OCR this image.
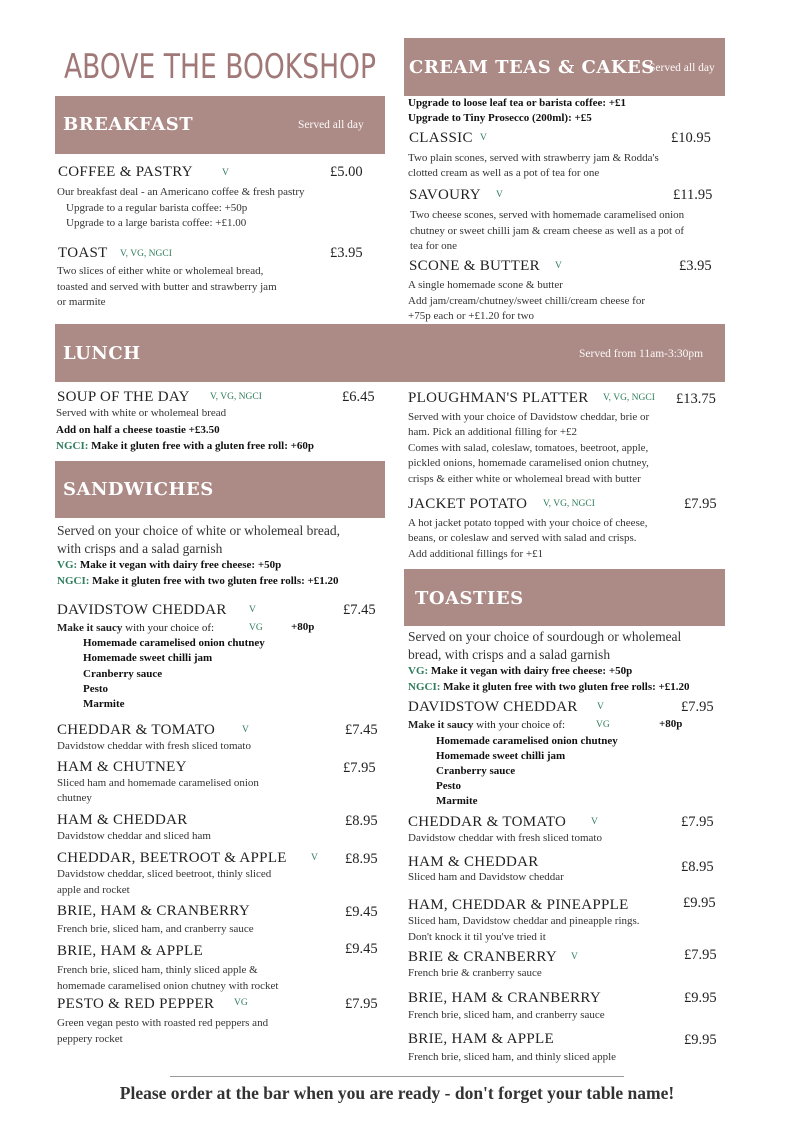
ABOVE THE BOOKSHOP
BREAKFAST	Served all day
COFFEE & PASTRY	V	£5.00
Our breakfast deal - an Americano coffee & fresh pastry
Upgrade to a regular barista coffee: +50p
Upgrade to a large barista coffee: +£1.00
TOAST V, VG, NGCI	£3.95
Two slices of either white or wholemeal bread,
toasted and served with butter and strawberry jam
or marmite
CREAM TEAS & CAKES
Served all day
Upgrade to loose leaf tea or barista coffee: +£1
Upgrade to Tiny Prosecco (200ml): +£5
CLASSIC V	£10.95
Two plain scones, served with strawberry jam & Rodda's
clotted cream as well as a pot of tea for one
SAVOURY V	£11.95
Two cheese scones, served with homemade caramelised onion
chutney or sweet chilli jam & cream cheese as well as a pot of
tea for one
SCONE & BUTTER V	£3.95
A single homemade scone & butter
Add jam/cream/chutney/sweet chilli/cream cheese for
+75p each or +£1.20 for two
LUNCH	Served from 11am-3:30pm
SOUP OF THE DAY V, VG, NGCI	£6.45
Served with white or wholemeal bread
Add on half a cheese toastie +£3.50
NGCI: Make it gluten free with a gluten free roll: +60p
PLOUGHMAN'S PLATTER V, VG, NGCI £13.75
Served with your choice of Davidstow cheddar, brie or
ham. Pick an additional filling for +£2
Comes with salad, coleslaw, tomatoes, beetroot, apple,
pickled onions, homemade caramelised onion chutney,
crisps & either white or wholemeal bread with butter
JACKET POTATO V, VG, NGCI	£7.95
A hot jacket potato topped with your choice of cheese,
beans, or coleslaw and served with salad and crisps.
Add additional fillings for +£1
SANDWICHES
Served on your choice of white or wholemeal bread,
with crisps and a salad garnish
VG: Make it vegan with dairy free cheese: +50p
NGCI: Make it gluten free with two gluten free rolls: +£1.20
DAVIDSTOW CHEDDAR V	£7.45
Make it saucy with your choice of:	VG	+80p
Homemade caramelised onion chutney
Homemade sweet chilli jam
Cranberry sauce
Pesto
Marmite
CHEDDAR & TOMATO	V	£7.45
Davidstow cheddar with fresh sliced tomato
HAM & CHUTNEY	£7.95
Sliced ham and homemade caramelised onion
chutney
HAM & CHEDDAR	£8.95
Davidstow cheddar and sliced ham
CHEDDAR, BEETROOT & APPLE	V £8.95
Davidstow cheddar, sliced beetroot, thinly sliced
apple and rocket
BRIE, HAM & CRANBERRY	£9.45
French brie, sliced ham, and cranberry sauce
BRIE, HAM & APPLE	£9.45
French brie, sliced ham, thinly sliced apple &
homemade caramelised onion chutney with rocket
PESTO & RED PEPPER VG	£7.95
Green vegan pesto with roasted red peppers and
peppery rocket
TOASTIES
Served on your choice of sourdough or wholemeal
bread, with crisps and a salad garnish
VG: Make it vegan with dairy free cheese: +50p
NGCI: Make it gluten free with two gluten free rolls: +£1.20
DAVIDSTOW CHEDDAR	£7.95
V
Make it saucy with your choice of:	VG	+80p
Homemade caramelised onion chutney
Homemade sweet chilli jam
Cranberry sauce
Pesto
Marmite
CHEDDAR & TOMATO	V	£7.95
Davidstow cheddar with fresh sliced tomato
HAM & CHEDDAR	£8.95
Sliced ham and Davidstow cheddar
HAM, CHEDDAR & PINEAPPLE	£9.95
Sliced ham, Davidstow cheddar and pineapple rings.
Don't knock it til you've tried it
BRIE & CRANBERRY V	£7.95
French brie & cranberry sauce
BRIE, HAM & CRANBERRY	£9.95
French brie, sliced ham, and cranberry sauce
BRIE, HAM & APPLE	£9.95
French brie, sliced ham, and thinly sliced apple
Please order at the bar when you are ready - don't forget your table name!
